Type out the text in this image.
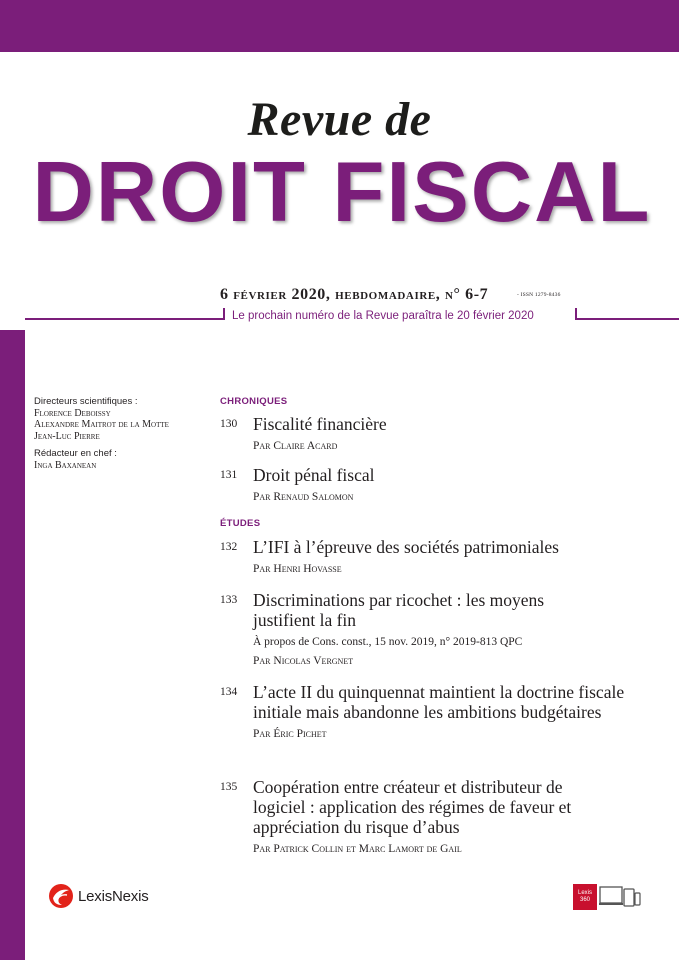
Revue de
DROIT FISCAL
6 février 2020, hebdomadaire, n° 6-7	- ISSN 1279-8436
Le prochain numéro de la Revue paraîtra le 20 février 2020
Directeurs scientifiques :
Florence Deboissy
Alexandre Maitrot de la Motte
Jean-Luc Pierre
Rédacteur en chef :
Inga Baxanean
CHRONIQUES
130 Fiscalité financière
Par Claire Acard
131 Droit pénal fiscal
Par Renaud Salomon
ÉTUDES
132 L’IFI à l’épreuve des sociétés patrimoniales
Par Henri Hovasse
133 Discriminations par ricochet : les moyens justifient la fin
À propos de Cons. const., 15 nov. 2019, n° 2019-813 QPC
Par Nicolas Vergnet
134 L’acte II du quinquennat maintient la doctrine fiscale initiale mais abandonne les ambitions budgétaires
Par Éric Pichet
135 Coopération entre créateur et distributeur de logiciel : application des régimes de faveur et appréciation du risque d’abus
Par Patrick Collin et Marc Lamort de Gail
LexisNexis	Lexis
360
